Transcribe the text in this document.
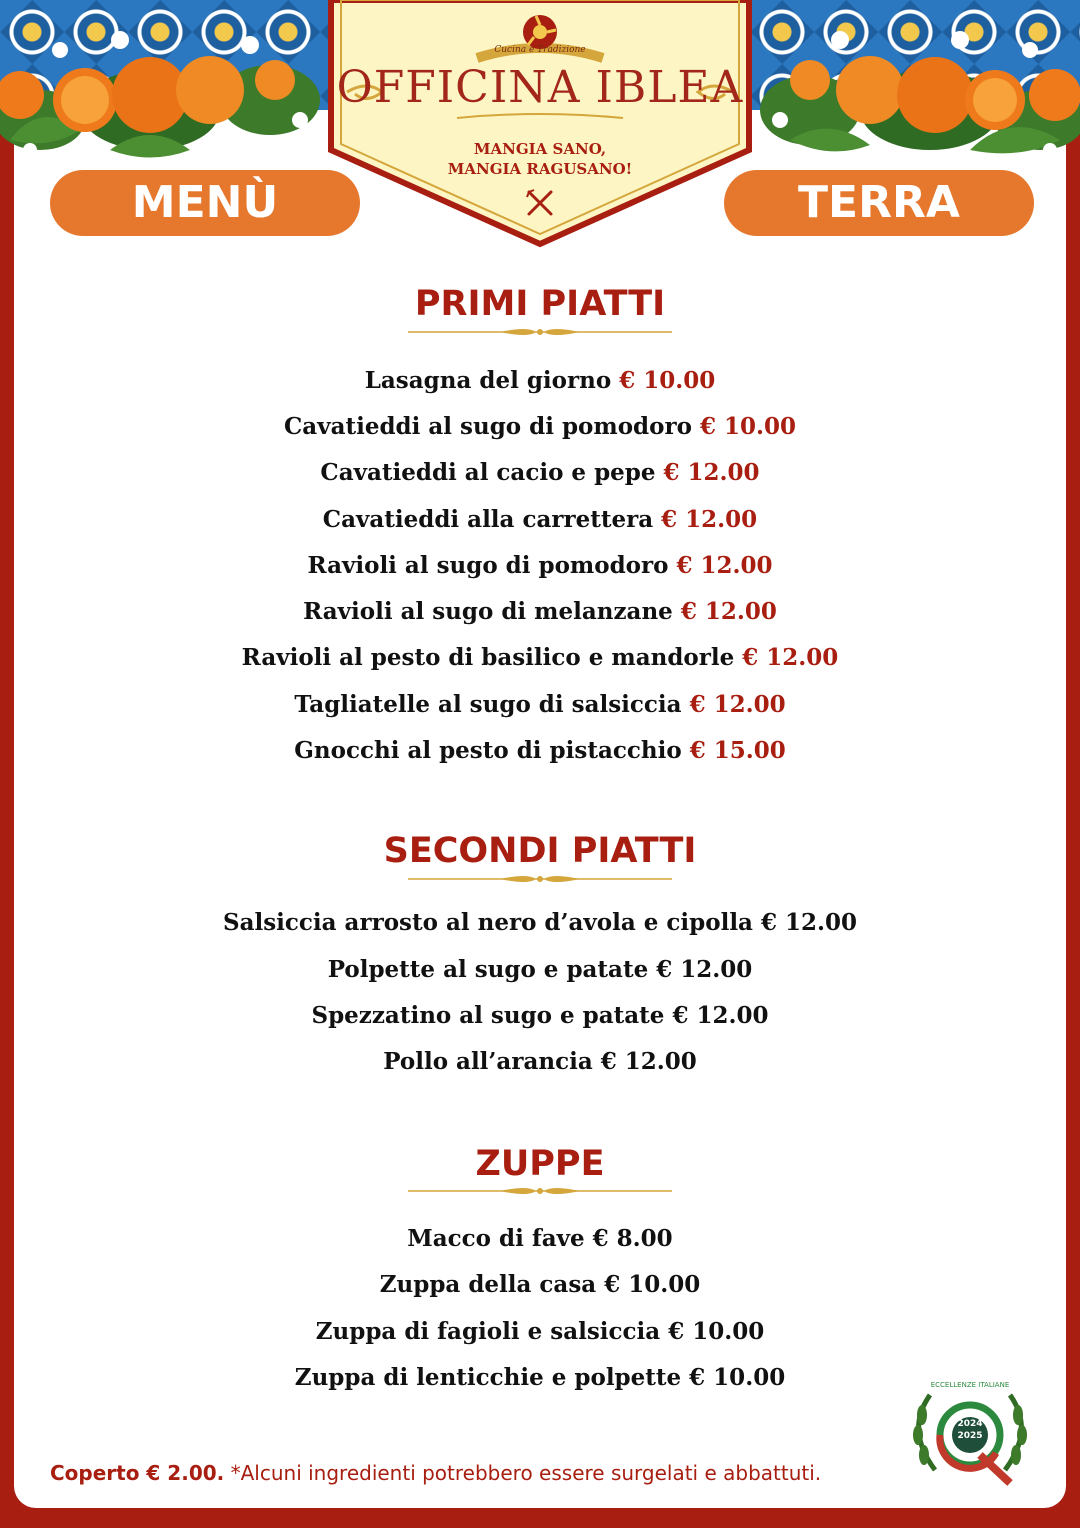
Cucina e Tradizione
OFFICINA IBLEA
MANGIA SANO,
MANGIA RAGUSANO!
MENÙ	TERRA
PRIMI PIATTI
Lasagna del giorno € 10.00
Cavatieddi al sugo di pomodoro € 10.00
Cavatieddi al cacio e pepe € 12.00
Cavatieddi alla carrettera € 12.00
Ravioli al sugo di pomodoro € 12.00
Ravioli al sugo di melanzane € 12.00
Ravioli al pesto di basilico e mandorle € 12.00
Tagliatelle al sugo di salsiccia € 12.00
Gnocchi al pesto di pistacchio € 15.00
SECONDI PIATTI
Salsiccia arrosto al nero d’avola e cipolla € 12.00
Polpette al sugo e patate € 12.00
Spezzatino al sugo e patate € 12.00
Pollo all’arancia € 12.00
ZUPPE
Macco di fave € 8.00
Zuppa della casa € 10.00
Zuppa di fagioli e salsiccia € 10.00
Zuppa di lenticchie e polpette € 10.00
Coperto € 2.00. *Alcuni ingredienti potrebbero essere surgelati e abbattuti.
ECCELLENZE ITALIANE
2024
2025
